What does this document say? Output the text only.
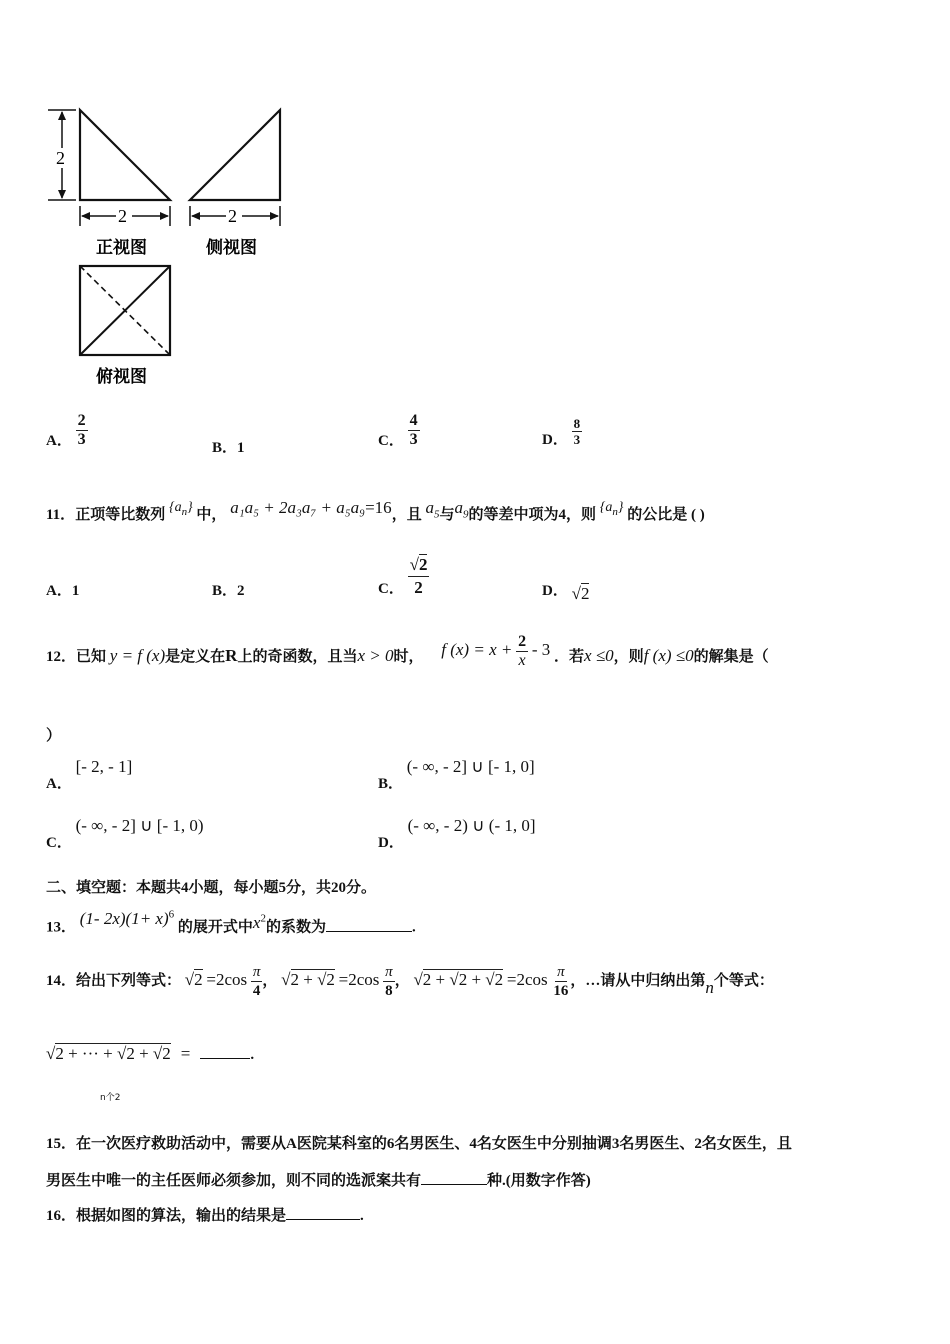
2
2
正视图
2
侧视图
俯视图
A． $\frac{2}{3}$	B．1	C． $\frac{4}{3}$	D． $\frac{8}{3}$
11．正项等比数列 $\{a_n\}$ 中， a₁a₅ + 2a₃a₇ + a₅a₉=16，且 $a_5$与$a_9$的等差中项为4，则 $\{a_n\}$ 的公比是 ( )
A．1	B．2	C． $\frac{√2}{2}$	D． √2
12．已知 y = f (x)是定义在R上的奇函数，且当x > 0时， f $(x) = x + \frac{2}{x} - 3$ ．若x ≤0，则f (x) ≤0的解集是（
）
A． [- 2, - 1]
B． (- ∞, - 2] ∪ [- 1, 0]
C． (- ∞, - 2] ∪ [- 1, 0)
D． (- ∞, - 2) ∪ (- 1, 0]
二、填空题：本题共4小题，每小题5分，共20分。
13． (1- $2x)(1+ x)^6$ 的展开式中$x^2$的系数为	.
14．给出下列等式： $√2 =2\cos \frac{\pi}{4}$ ， $√2 + √2 =2\cos \frac{\pi}{8}$ ， $√2 + √2 + √2 =2\cos \frac{\pi}{16}$ ，…请从中归纳出第n个等式：
√2 + ··· + √2 + √2 =	.
n个2
15．在一次医疗救助活动中，需要从A医院某科室的6名男医生、4名女医生中分别抽调3名男医生、2名女医生，且
男医生中唯一的主任医师必须参加，则不同的选派案共有	种.(用数字作答)
16．根据如图的算法，输出的结果是	.
